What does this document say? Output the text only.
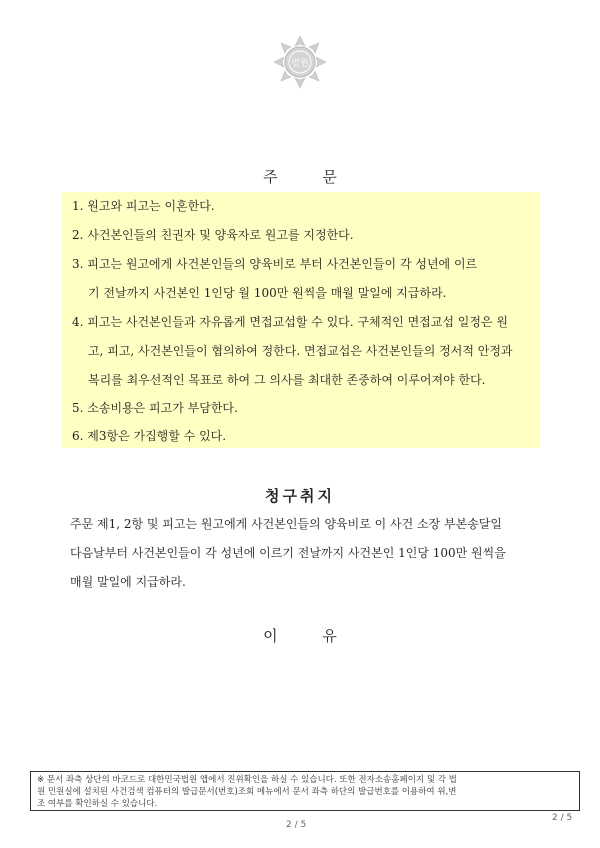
법원
주 문
1. 원고와 피고는 이혼한다.
2. 사건본인들의 친권자 및 양육자로 원고를 지정한다.
3. 피고는 원고에게 사건본인들의 양육비로 부터 사건본인들이 각 성년에 이르
기 전날까지 사건본인 1인당 월 100만 원씩을 매월 말일에 지급하라.
4. 피고는 사건본인들과 자유롭게 면접교섭할 수 있다. 구체적인 면접교섭 일정은 원
고, 피고, 사건본인들이 협의하여 정한다. 면접교섭은 사건본인들의 정서적 안정과
복리를 최우선적인 목표로 하여 그 의사를 최대한 존중하여 이루어져야 한다.
5. 소송비용은 피고가 부담한다.
6. 제3항은 가집행할 수 있다.
청구취지
주문 제1, 2항 및 피고는 원고에게 사건본인들의 양육비로 이 사건 소장 부본송달일
다음날부터 사건본인들이 각 성년에 이르기 전날까지 사건본인 1인당 100만 원씩을
매월 말일에 지급하라.
이 유
※ 문서 좌측 상단의 바코드로 대한민국법원 앱에서 진위확인을 하실 수 있습니다. 또한 전자소송홈페이지 및 각 법
원 민원실에 설치된 사건검색 컴퓨터의 발급문서(번호)조회 메뉴에서 문서 좌측 하단의 발급번호를 이용하여 위,변
조 여부를 확인하실 수 있습니다.
2 / 5
2 / 5
